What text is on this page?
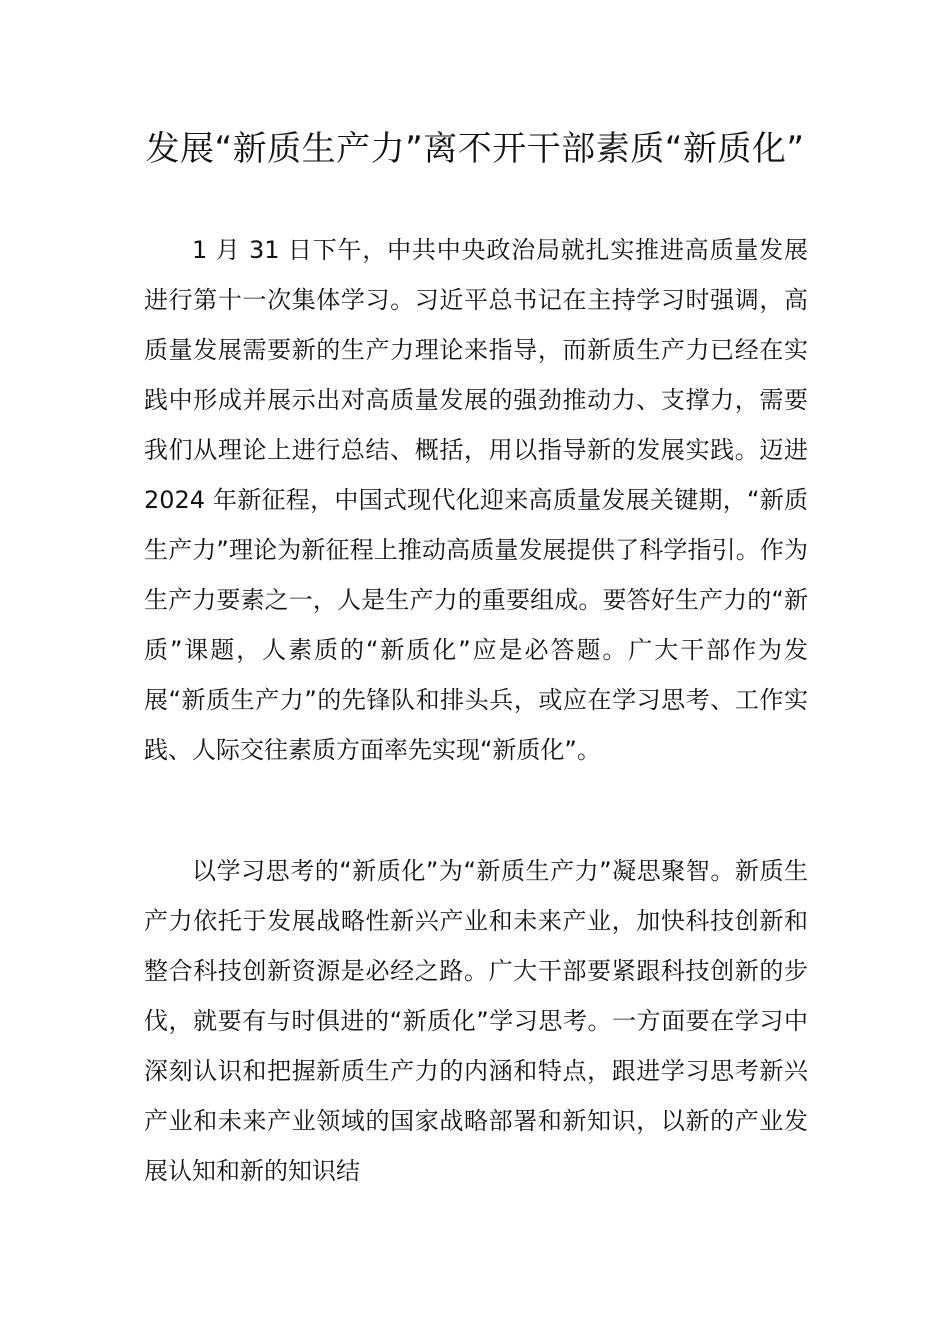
发展“新质生产力”离不开干部素质“新质化”

1 月 31 日下午，中共中央政治局就扎实推进高质量发展进行第十一次集体学习。习近平总书记在主持学习时强调，高质量发展需要新的生产力理论来指导，而新质生产力已经在实践中形成并展示出对高质量发展的强劲推动力、支撑力，需要我们从理论上进行总结、概括，用以指导新的发展实践。迈进 2024 年新征程，中国式现代化迎来高质量发展关键期，“新质生产力”理论为新征程上推动高质量发展提供了科学指引。作为生产力要素之一，人是生产力的重要组成。要答好生产力的“新质”课题，人素质的“新质化”应是必答题。广大干部作为发展“新质生产力”的先锋队和排头兵，或应在学习思考、工作实践、人际交往素质方面率先实现“新质化”。

以学习思考的“新质化”为“新质生产力”凝思聚智。新质生产力依托于发展战略性新兴产业和未来产业，加快科技创新和整合科技创新资源是必经之路。广大干部要紧跟科技创新的步伐，就要有与时俱进的“新质化”学习思考。一方面要在学习中深刻认识和把握新质生产力的内涵和特点，跟进学习思考新兴产业和未来产业领域的国家战略部署和新知识，以新的产业发展认知和新的知识结
